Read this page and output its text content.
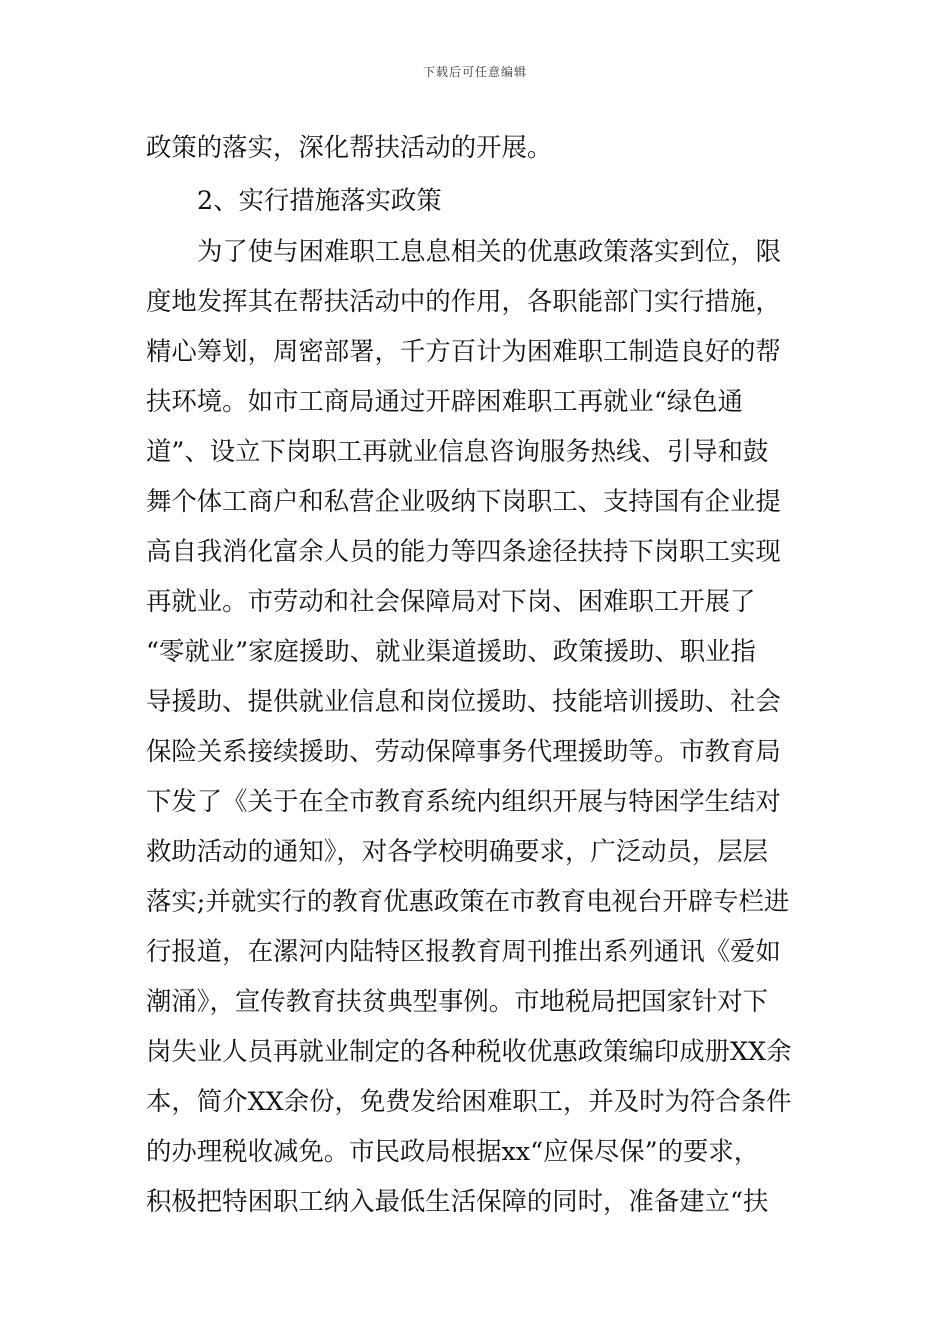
下载后可任意编辑
政策的落实，深化帮扶活动的开展。
2、实行措施落实政策
为了使与困难职工息息相关的优惠政策落实到位，限
度地发挥其在帮扶活动中的作用，各职能部门实行措施，
精心筹划，周密部署，千方百计为困难职工制造良好的帮
扶环境。如市工商局通过开辟困难职工再就业“绿色通
道”、设立下岗职工再就业信息咨询服务热线、引导和鼓
舞个体工商户和私营企业吸纳下岗职工、支持国有企业提
高自我消化富余人员的能力等四条途径扶持下岗职工实现
再就业。市劳动和社会保障局对下岗、困难职工开展了
“零就业”家庭援助、就业渠道援助、政策援助、职业指
导援助、提供就业信息和岗位援助、技能培训援助、社会
保险关系接续援助、劳动保障事务代理援助等。市教育局
下发了《关于在全市教育系统内组织开展与特困学生结对
救助活动的通知》，对各学校明确要求，广泛动员，层层
落实;并就实行的教育优惠政策在市教育电视台开辟专栏进
行报道，在漯河内陆特区报教育周刊推出系列通讯《爱如
潮涌》，宣传教育扶贫典型事例。市地税局把国家针对下
岗失业人员再就业制定的各种税收优惠政策编印成册XX余
本，简介XX余份，免费发给困难职工，并及时为符合条件
的办理税收减免。市民政局根据xx“应保尽保”的要求，
积极把特困职工纳入最低生活保障的同时，准备建立“扶
